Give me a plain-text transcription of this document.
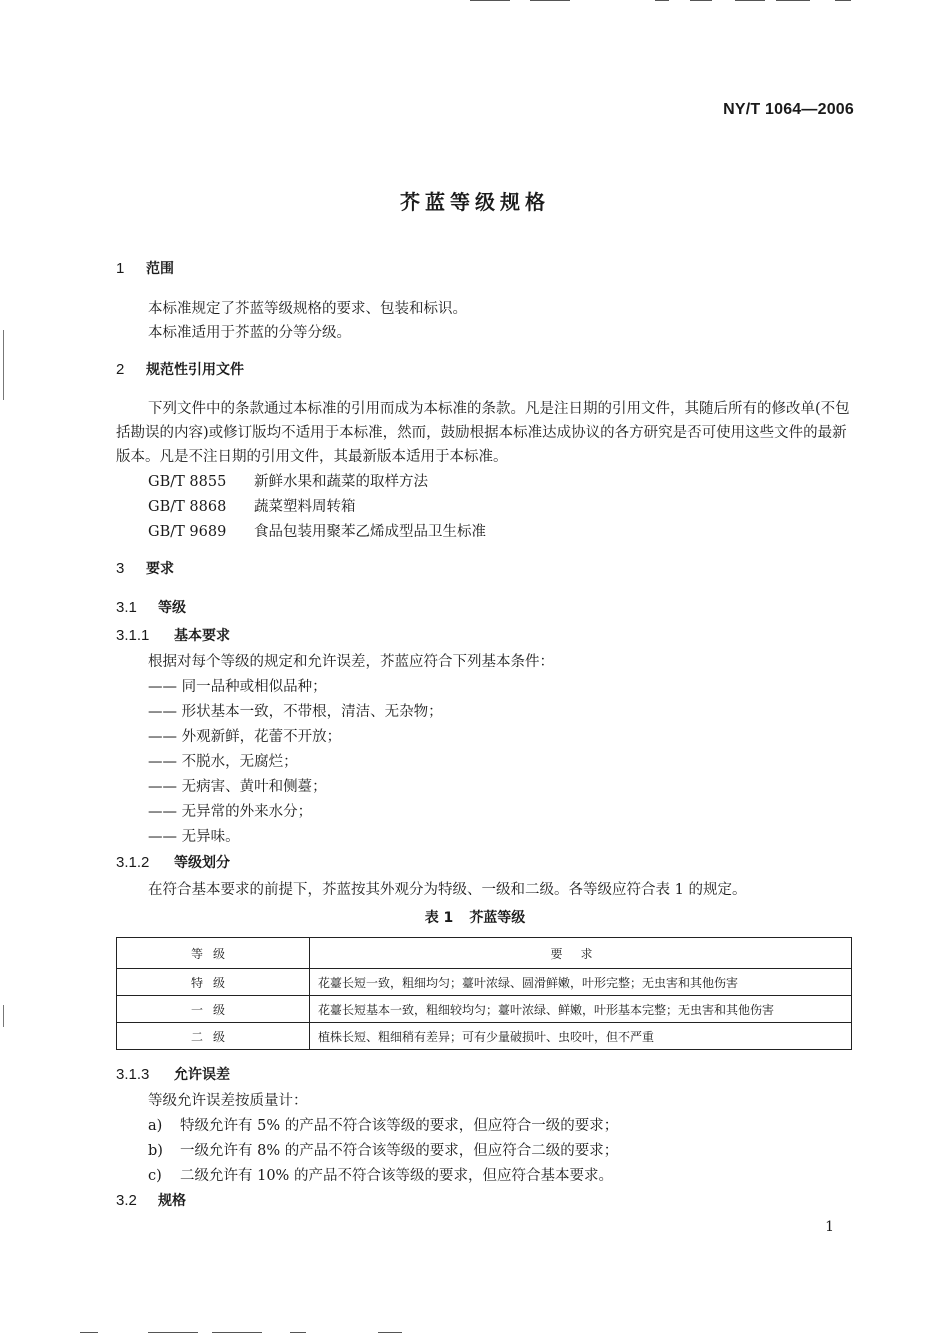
NY/T 1064—2006
芥蓝等级规格
1 范围
本标准规定了芥蓝等级规格的要求、包装和标识。
本标准适用于芥蓝的分等分级。
2 规范性引用文件
下列文件中的条款通过本标准的引用而成为本标准的条款。凡是注日期的引用文件，其随后所有的修改单(不包括勘误的内容)或修订版均不适用于本标准，然而，鼓励根据本标准达成协议的各方研究是否可使用这些文件的最新版本。凡是不注日期的引用文件，其最新版本适用于本标准。
GB/T 8855 新鲜水果和蔬菜的取样方法
GB/T 8868 蔬菜塑料周转箱
GB/T 9689 食品包装用聚苯乙烯成型品卫生标准
3 要求
3.1 等级
3.1.1 基本要求
根据对每个等级的规定和允许误差，芥蓝应符合下列基本条件：
—— 同一品种或相似品种；
—— 形状基本一致，不带根，清洁、无杂物；
—— 外观新鲜，花蕾不开放；
—— 不脱水，无腐烂；
—— 无病害、黄叶和侧薹；
—— 无异常的外来水分；
—— 无异味。
3.1.2 等级划分
在符合基本要求的前提下，芥蓝按其外观分为特级、一级和二级。各等级应符合表 1 的规定。
表 1 芥蓝等级
等级	要求
特级	花薹长短一致，粗细均匀；薹叶浓绿、圆滑鲜嫩，叶形完整；无虫害和其他伤害
一级	花薹长短基本一致，粗细较均匀；薹叶浓绿、鲜嫩，叶形基本完整；无虫害和其他伤害
二级	植株长短、粗细稍有差异；可有少量破损叶、虫咬叶，但不严重
3.1.3 允许误差
等级允许误差按质量计：
a) 特级允许有 5% 的产品不符合该等级的要求，但应符合一级的要求；
b) 一级允许有 8% 的产品不符合该等级的要求，但应符合二级的要求；
c) 二级允许有 10% 的产品不符合该等级的要求，但应符合基本要求。
3.2 规格
1
